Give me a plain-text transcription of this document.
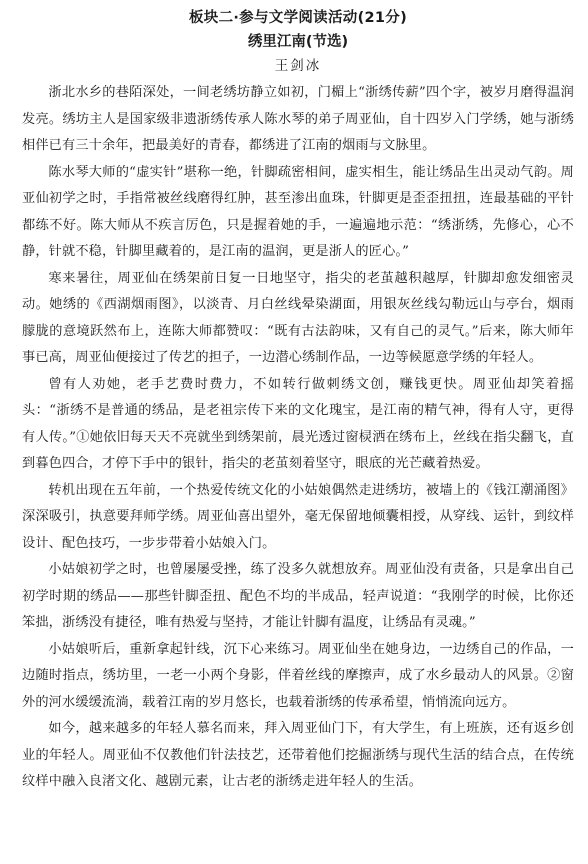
板块二·参与文学阅读活动(21分)
绣里江南(节选)
王剑冰

浙北水乡的巷陌深处，一间老绣坊静立如初，门楣上“浙绣传薪”四个字，被岁月磨得温润发亮。绣坊主人是国家级非遗浙绣传承人陈水琴的弟子周亚仙，自十四岁入门学绣，她与浙绣相伴已有三十余年，把最美好的青春，都绣进了江南的烟雨与文脉里。

陈水琴大师的“虚实针”堪称一绝，针脚疏密相间，虚实相生，能让绣品生出灵动气韵。周亚仙初学之时，手指常被丝线磨得红肿，甚至渗出血珠，针脚更是歪歪扭扭，连最基础的平针都练不好。陈大师从不疾言厉色，只是握着她的手，一遍遍地示范：“绣浙绣，先修心，心不静，针就不稳，针脚里藏着的，是江南的温润，更是浙人的匠心。”

寒来暑往，周亚仙在绣架前日复一日地坚守，指尖的老茧越积越厚，针脚却愈发细密灵动。她绣的《西湖烟雨图》，以淡青、月白丝线晕染湖面，用银灰丝线勾勒远山与亭台，烟雨朦胧的意境跃然布上，连陈大师都赞叹：“既有古法韵味，又有自己的灵气。”后来，陈大师年事已高，周亚仙便接过了传艺的担子，一边潜心绣制作品，一边等候愿意学绣的年轻人。

曾有人劝她，老手艺费时费力，不如转行做刺绣文创，赚钱更快。周亚仙却笑着摇头：“浙绣不是普通的绣品，是老祖宗传下来的文化瑰宝，是江南的精气神，得有人守，更得有人传。”①她依旧每天天不亮就坐到绣架前，晨光透过窗棂洒在绣布上，丝线在指尖翻飞，直到暮色四合，才停下手中的银针，指尖的老茧刻着坚守，眼底的光芒藏着热爱。

转机出现在五年前，一个热爱传统文化的小姑娘偶然走进绣坊，被墙上的《钱江潮涌图》深深吸引，执意要拜师学绣。周亚仙喜出望外，毫无保留地倾囊相授，从穿线、运针，到纹样设计、配色技巧，一步步带着小姑娘入门。

小姑娘初学之时，也曾屡屡受挫，练了没多久就想放弃。周亚仙没有责备，只是拿出自己初学时期的绣品——那些针脚歪扭、配色不均的半成品，轻声说道：“我刚学的时候，比你还笨拙，浙绣没有捷径，唯有热爱与坚持，才能让针脚有温度，让绣品有灵魂。”

小姑娘听后，重新拿起针线，沉下心来练习。周亚仙坐在她身边，一边绣自己的作品，一边随时指点，绣坊里，一老一小两个身影，伴着丝线的摩擦声，成了水乡最动人的风景。②窗外的河水缓缓流淌，载着江南的岁月悠长，也载着浙绣的传承希望，悄悄流向远方。

如今，越来越多的年轻人慕名而来，拜入周亚仙门下，有大学生，有上班族，还有返乡创业的年轻人。周亚仙不仅教他们针法技艺，还带着他们挖掘浙绣与现代生活的结合点，在传统纹样中融入良渚文化、越剧元素，让古老的浙绣走进年轻人的生活。
